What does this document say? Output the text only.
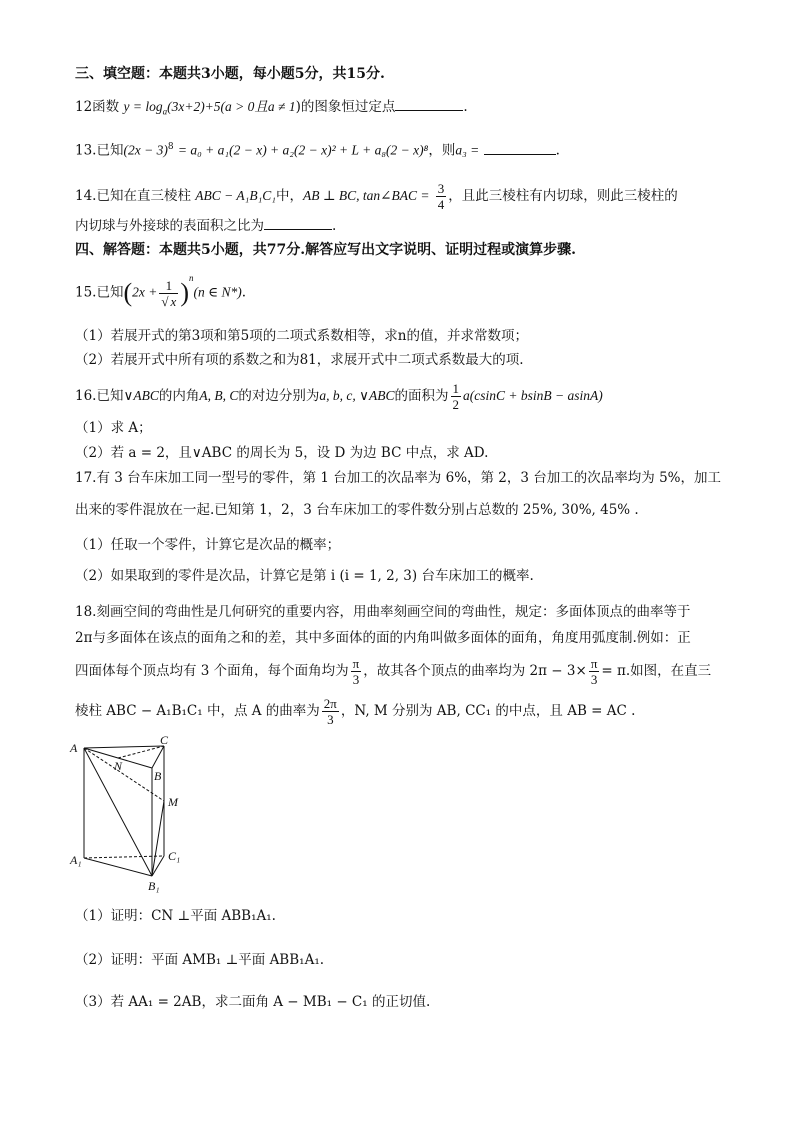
三、填空题：本题共3小题，每小题5分，共15分.
12函数 $y = \log_a(3x+2)+5(a > 0$且a ≠ 1)的图象恒过定点	.
13.已知$(2x - 3)^8 = a_0 + a_1(2 - x) + a_2(2 - x)^2 + L + a_8(2 - x)^8$，则a₃ =	.
14.已知在直三棱柱 ABC − A₁B₁C₁中，AB ⊥ BC, tan∠BAC = $\frac{3}{4}$ ，且此三棱柱有内切球，则此三棱柱的
内切球与外接球的表面积之比为	.
四、解答题：本题共5小题，共77分.解答应写出文字说明、证明过程或演算步骤.
15.已知$(2x + \frac{1}{√ x} )^n(n$ ∈ N*).
（1）若展开式的第3项和第5项的二项式系数相等，求n的值，并求常数项；
（2）若展开式中所有项的系数之和为81，求展开式中二项式系数最大的项.
16.已知∨ABC的内角A, B, C的对边分别为a, b, c, ∨ABC的面积为 $\frac{1}{2} a(csinC + bsinB - asinA)$
（1）求 A；
（2）若 a = 2，且∨ABC 的周长为 5，设 D 为边 BC 中点，求 AD.
17.有 3 台车床加工同一型号的零件，第 1 台加工的次品率为 6%，第 2，3 台加工的次品率均为 5%，加工
出来的零件混放在一起.已知第 1，2，3 台车床加工的零件数分别占总数的 25%, 30%, 45% .
（1）任取一个零件，计算它是次品的概率；
（2）如果取到的零件是次品，计算它是第 i (i = 1, 2, 3) 台车床加工的概率.
18.刻画空间的弯曲性是几何研究的重要内容，用曲率刻画空间的弯曲性，规定：多面体顶点的曲率等于
2π与多面体在该点的面角之和的差，其中多面体的面的内角叫做多面体的面角，角度用弧度制.例如：正
四面体每个顶点均有 3 个面角，每个面角均为 $\frac{\pi}{3}$ ，故其各个顶点的曲率均为 $2\pi - 3\times \frac{\pi}{3} = \pi$.如图，在直三
棱柱 ABC − A₁B₁C₁ 中，点 A 的曲率为 $\frac{2\pi}{3}$ ，N, M 分别为 AB, CC₁ 的中点，且 AB = AC .
A
C
N
B
M
A₁	C₁
B₁
（1）证明：CN ⊥平面 ABB₁A₁.
（2）证明：平面 AMB₁ ⊥平面 ABB₁A₁.
（3）若 AA₁ = 2AB，求二面角 A − MB₁ − C₁ 的正切值.
